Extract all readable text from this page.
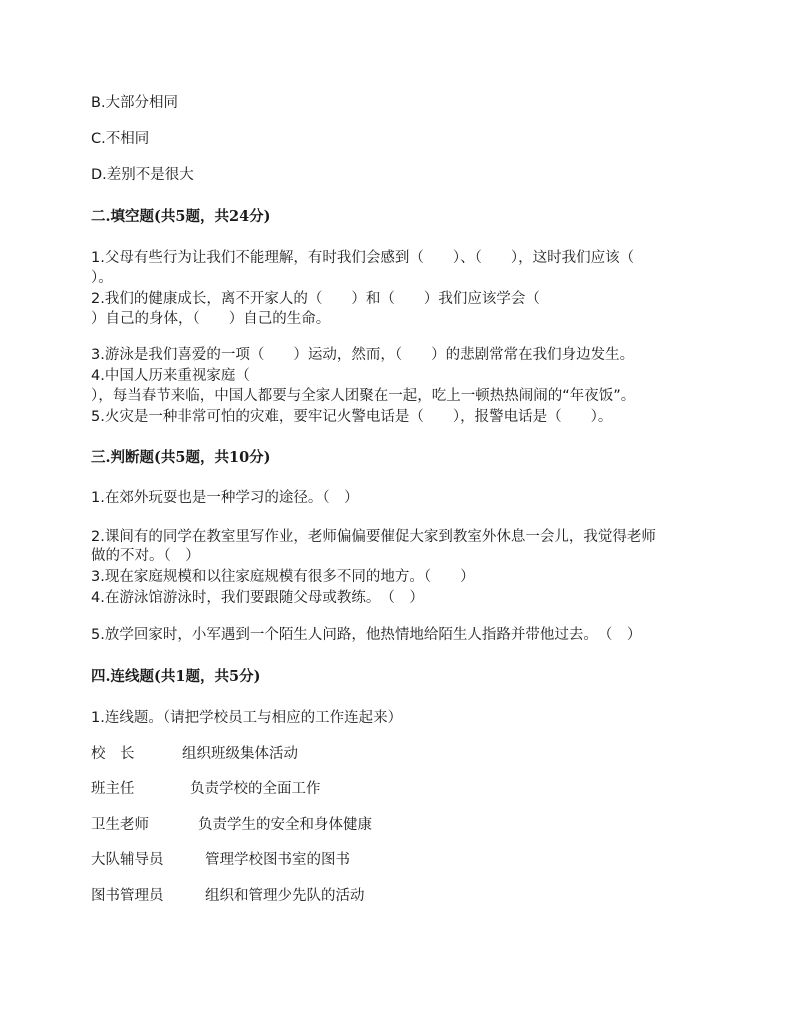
B.大部分相同
C.不相同
D.差别不是很大
二.填空题(共5题，共24分)
1.父母有些行为让我们不能理解，有时我们会感到（　　）、（　　），这时我们应该（
）。
2.我们的健康成长，离不开家人的（　　）和（　　）我们应该学会（
）自己的身体，（　　）自己的生命。
3.游泳是我们喜爱的一项（　　）运动，然而，（　　）的悲剧常常在我们身边发生。
4.中国人历来重视家庭（
），每当春节来临，中国人都要与全家人团聚在一起，吃上一顿热热闹闹的“年夜饭”。
5.火灾是一种非常可怕的灾难，要牢记火警电话是（　　），报警电话是（　　）。
三.判断题(共5题，共10分)
1.在郊外玩耍也是一种学习的途径。（　）
2.课间有的同学在教室里写作业，老师偏偏要催促大家到教室外休息一会儿，我觉得老师
做的不对。（　）
3.现在家庭规模和以往家庭规模有很多不同的地方。（　　）
4.在游泳馆游泳时，我们要跟随父母或教练。　（　）
5.放学回家时，小军遇到一个陌生人问路，他热情地给陌生人指路并带他过去。　（　）
四.连线题(共1题，共5分)
1.连线题。（请把学校员工与相应的工作连起来）
校　长	组织班级集体活动
班主任	负责学校的全面工作
卫生老师	负责学生的安全和身体健康
大队辅导员	管理学校图书室的图书
图书管理员	组织和管理少先队的活动
